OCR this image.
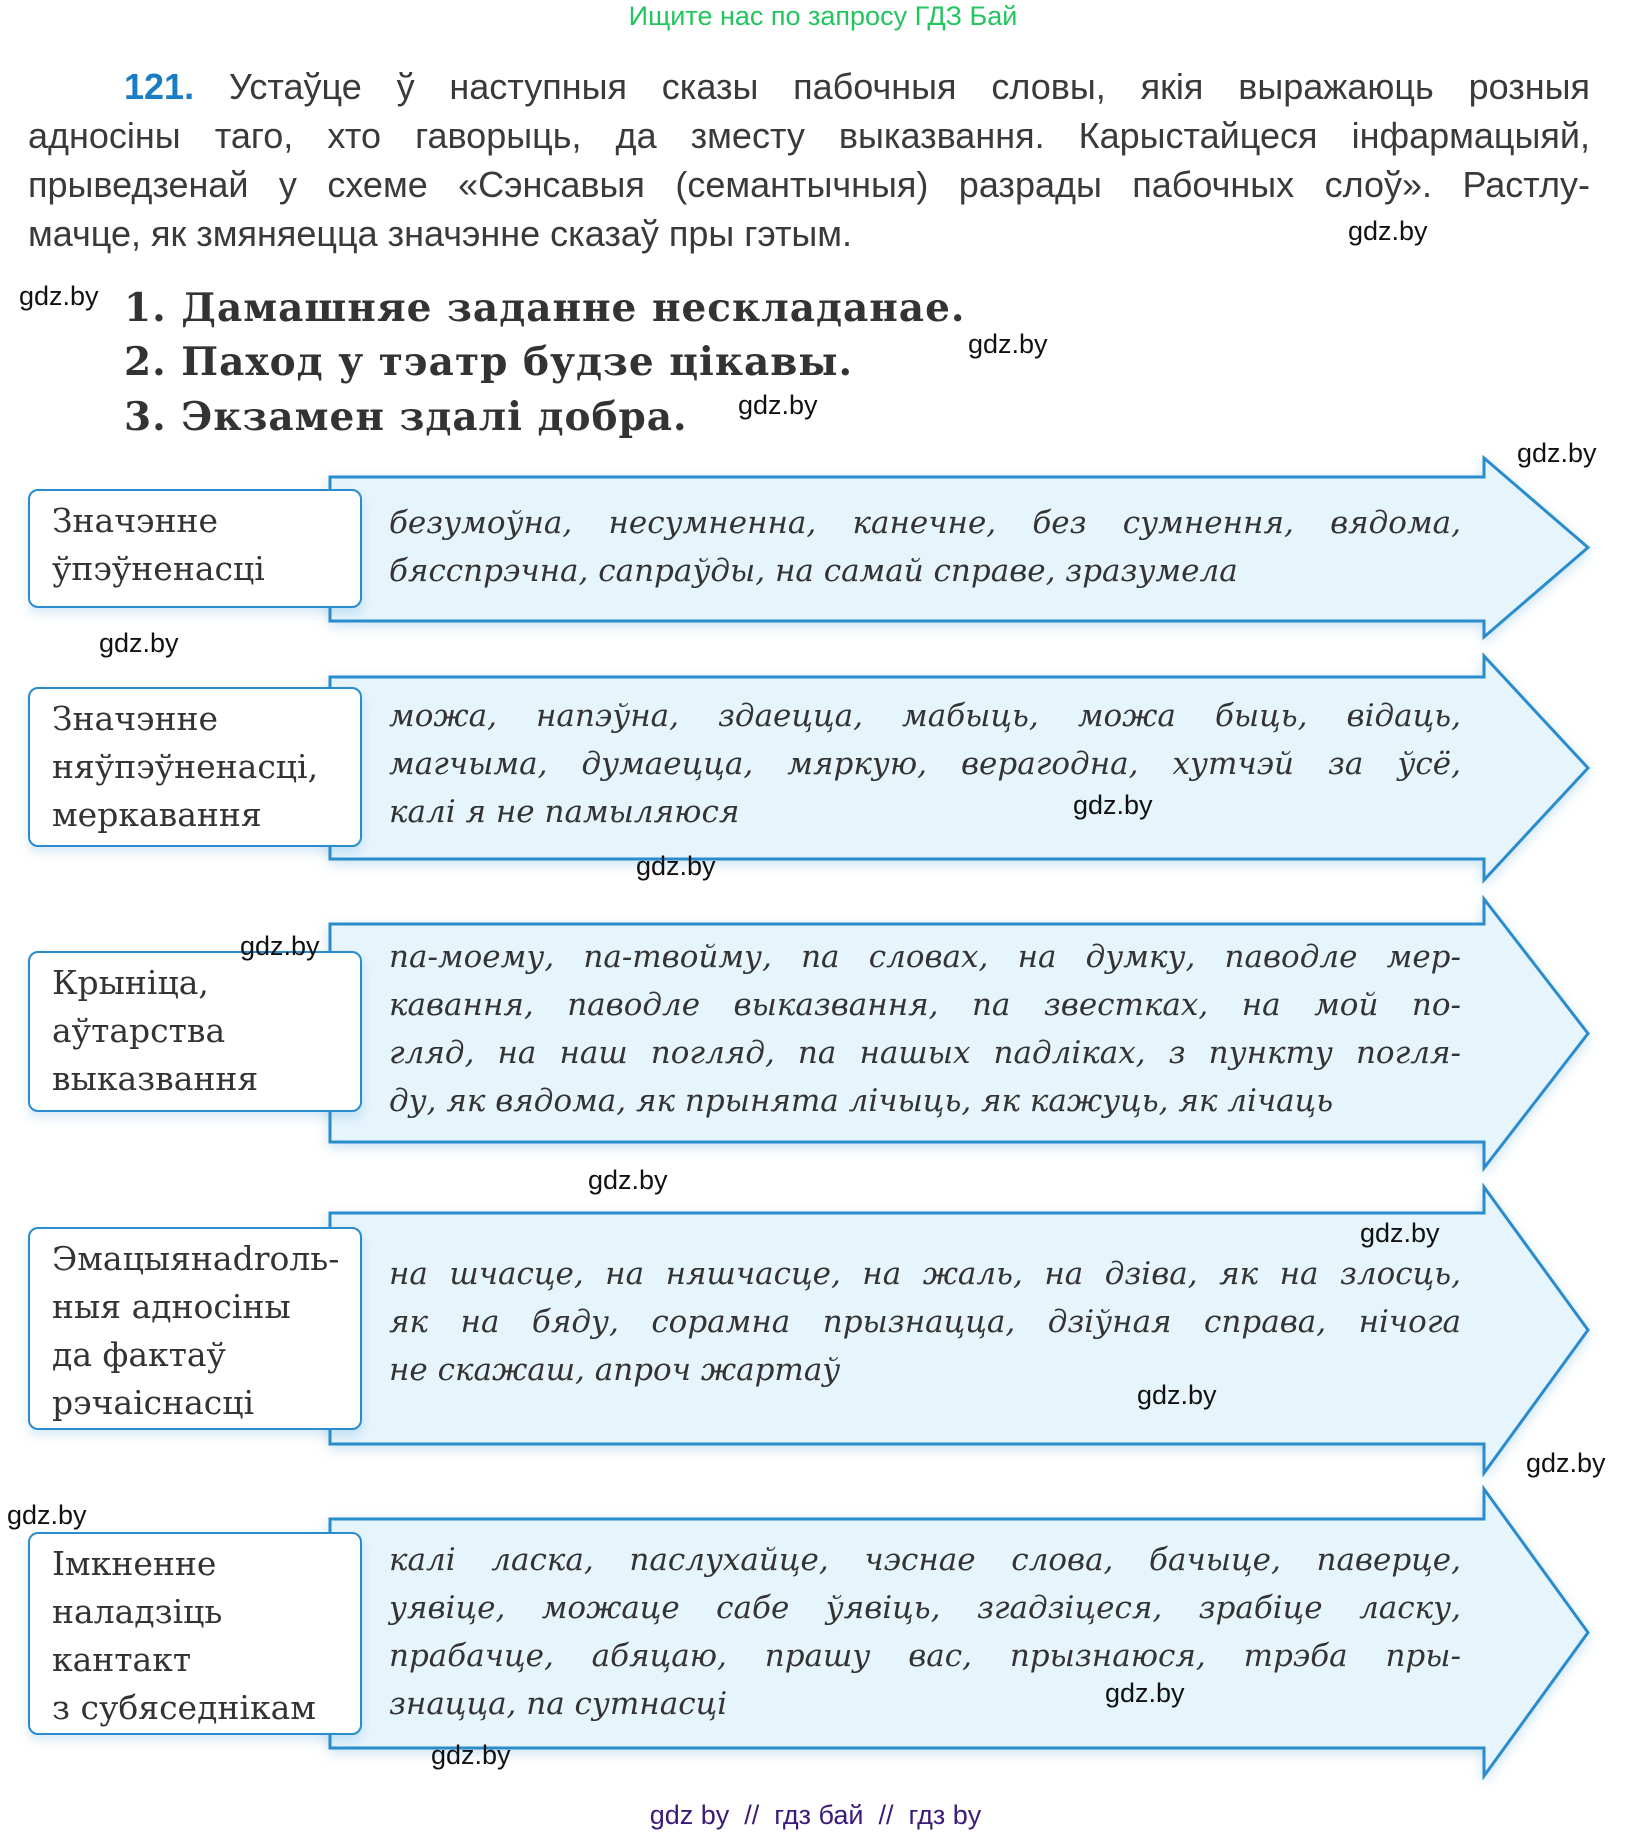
Ищите нас по запросу ГДЗ Бай
121. Устаўце ў наступныя сказы пабочныя словы, якія выражаюць розныя
адносіны таго, хто гаворыць, да зместу выказвання. Карыстайцеся інфармацыяй,
прыведзенай у схеме «Сэнсавыя (семантычныя) разрады пабочных слоў». Растлу-
мачце, як змяняецца значэнне сказаў пры гэтым.
1. Дамашняе заданне нескладанае.
2. Паход у тэатр будзе цікавы.
3. Экзамен здалі добра.
Значэнне
ўпэўненасці
безумоўна, несумненна, канечне, без сумнення, вядома,
бясспрэчна, сапраўды, на самай справе, зразумела
Значэнне
няўпэўненасці,
меркавання
можа, напэўна, здаецца, мабыць, можа быць, відаць,
магчыма, думаецца, мяркую, верагодна, хутчэй за ўсё,
калі я не памыляюся
Крыніца,
аўтарства
выказвання
па-моему, па-твойму, па словах, на думку, паводле мер-
кавання, паводле выказвання, па звестках, на мой по-
гляд, на наш погляд, па нашых падліках, з пункту погля-
ду, як вядома, як прынята лічыць, як кажуць, як лічаць
Эмацыянаdroль-
ныя адносіны
да фактаў
рэчаіснасці
на шчасце, на няшчасце, на жаль, на дзіва, як на злосць,
як на бяду, сорамна прызнацца, дзіўная справа, нічога
не скажаш, апроч жартаў
Імкненне
наладзіць
кантакт
з субяседнікам
калі ласка, паслухайце, чэснае слова, бачыце, паверце,
уявіце, можаце сабе ўявіць, згадзіцеся, зрабіце ласку,
прабачце, абяцаю, прашу вас, прызнаюся, трэба пры-
знацца, па сутнасці
gdz.by
gdz.by
gdz.by
gdz.by
gdz.by
gdz.by
gdz.by
gdz.by
gdz.by
gdz.by
gdz.by
gdz.by
gdz.by
gdz.by
gdz.by
gdz.by
gdz by  //  гдз бай  //  гдз by
